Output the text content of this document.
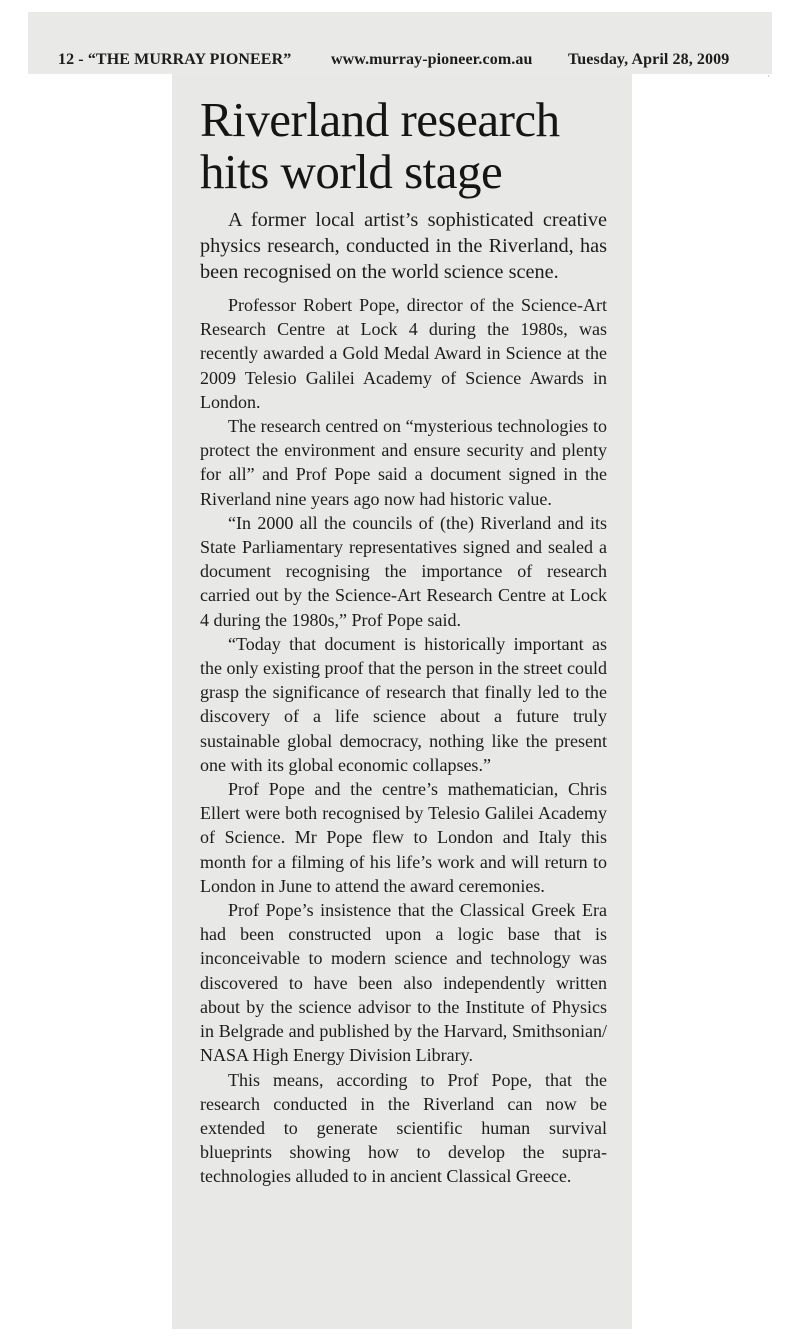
12 - “THE MURRAY PIONEER” www.murray-pioneer.com.au Tuesday, April 28, 2009
·
Riverland research hits world stage

A former local artist’s sophisticated creative physics research, conducted in the Riverland, has been recognised on the world science scene.

Professor Robert Pope, director of the Science-Art Research Centre at Lock 4 during the 1980s, was recently awarded a Gold Medal Award in Science at the 2009 Telesio Galilei Academy of Science Awards in London.

The research centred on “mysterious technologies to protect the environment and ensure security and plenty for all” and Prof Pope said a document signed in the Riverland nine years ago now had historic value.

“In 2000 all the councils of (the) Riverland and its State Parliamentary representatives signed and sealed a document recognising the importance of research carried out by the Science-Art Research Centre at Lock 4 during the 1980s,” Prof Pope said.

“Today that document is historically important as the only existing proof that the person in the street could grasp the significance of research that finally led to the discovery of a life science about a future truly sustainable global democracy, nothing like the present one with its global economic collapses.”

Prof Pope and the centre’s mathematician, Chris Ellert were both recognised by Telesio Galilei Academy of Science. Mr Pope flew to London and Italy this month for a filming of his life’s work and will return to London in June to attend the award ceremonies.

Prof Pope’s insistence that the Classical Greek Era had been constructed upon a logic base that is inconceivable to modern science and technology was discovered to have been also independently written about by the science advisor to the Institute of Physics in Belgrade and published by the Harvard, Smithsonian/ NASA High Energy Division Library.

This means, according to Prof Pope, that the research conducted in the Riverland can now be extended to generate scientific human survival blueprints showing how to develop the supra-technologies alluded to in ancient Classical Greece.
